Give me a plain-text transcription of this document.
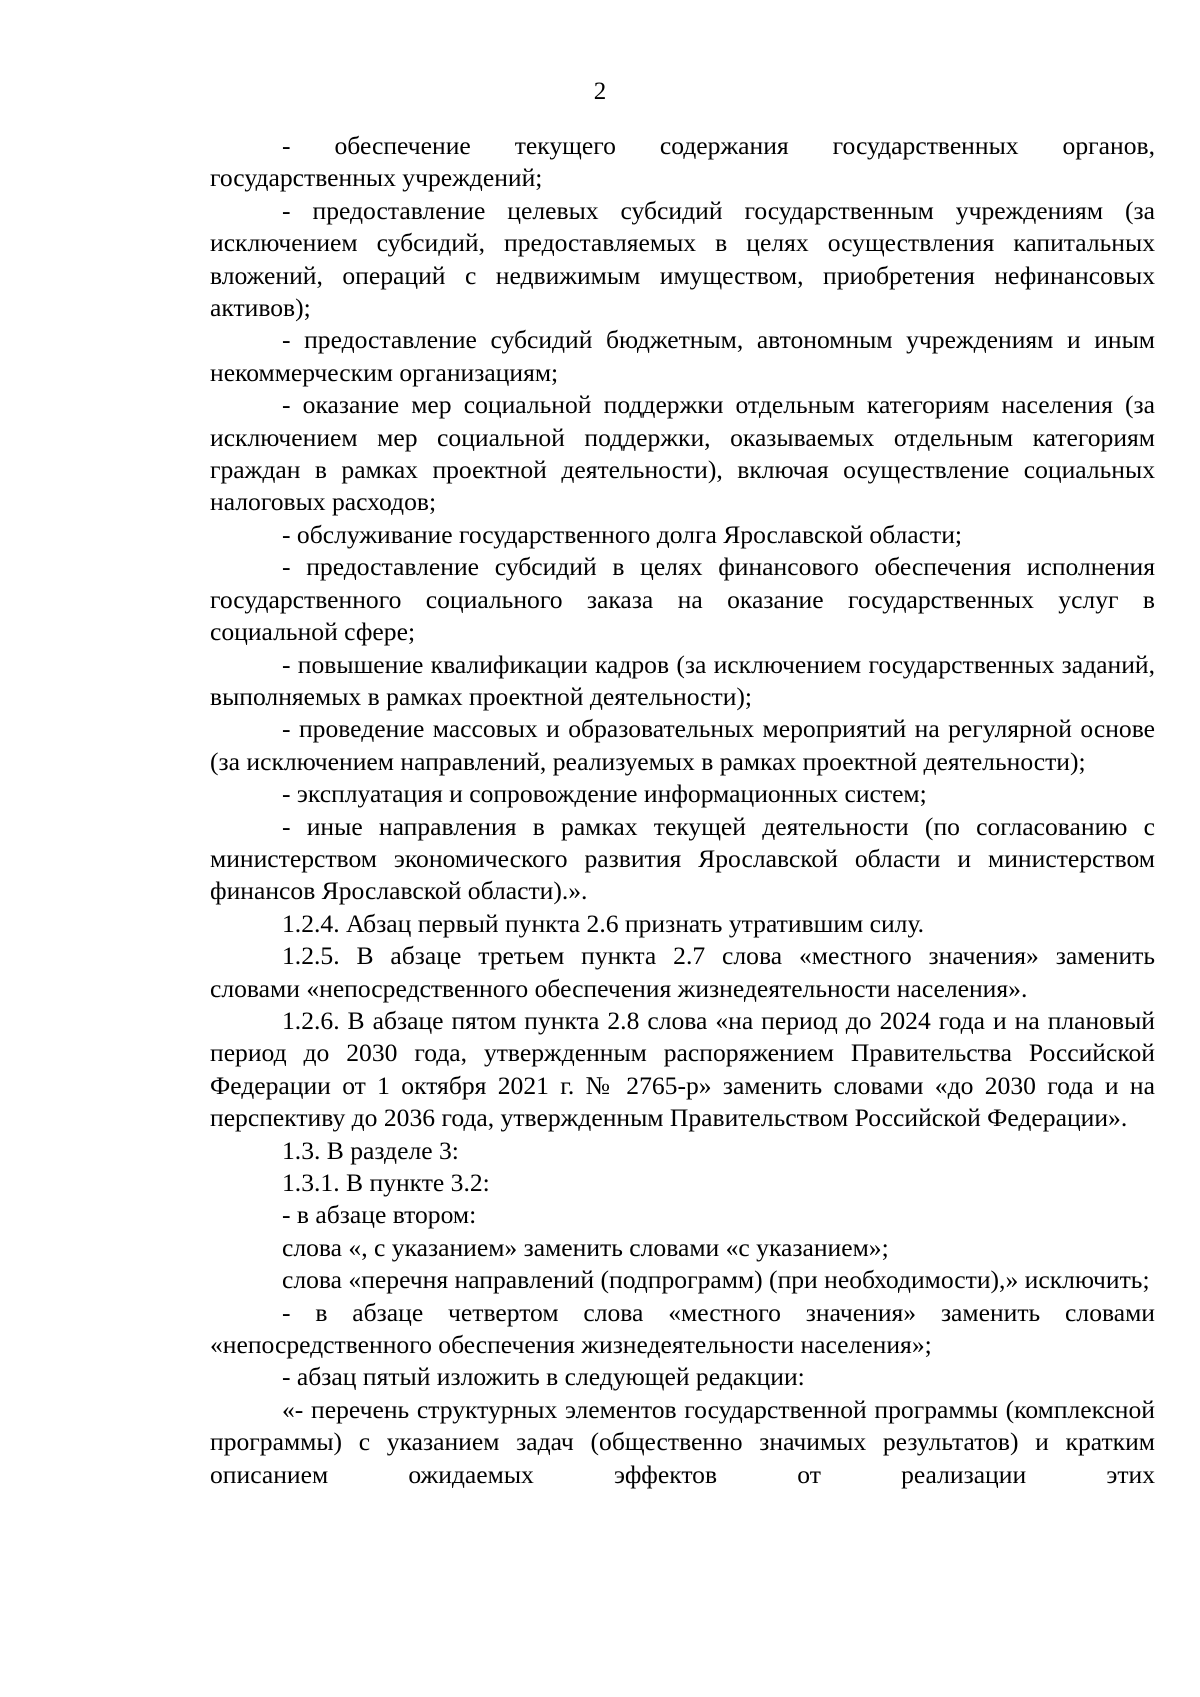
2

- обеспечение текущего содержания государственных органов, государственных учреждений;

- предоставление целевых субсидий государственным учреждениям (за исключением субсидий, предоставляемых в целях осуществления капитальных вложений, операций с недвижимым имуществом, приобретения нефинансовых активов);

- предоставление субсидий бюджетным, автономным учреждениям и иным некоммерческим организациям;

- оказание мер социальной поддержки отдельным категориям населения (за исключением мер социальной поддержки, оказываемых отдельным категориям граждан в рамках проектной деятельности), включая осуществление социальных налоговых расходов;

- обслуживание государственного долга Ярославской области;

- предоставление субсидий в целях финансового обеспечения исполнения государственного социального заказа на оказание государственных услуг в социальной сфере;

- повышение квалификации кадров (за исключением государственных заданий, выполняемых в рамках проектной деятельности);

- проведение массовых и образовательных мероприятий на регулярной основе (за исключением направлений, реализуемых в рамках проектной деятельности);

- эксплуатация и сопровождение информационных систем;

- иные направления в рамках текущей деятельности (по согласованию с министерством экономического развития Ярославской области и министерством финансов Ярославской области).».

1.2.4. Абзац первый пункта 2.6 признать утратившим силу.

1.2.5. В абзаце третьем пункта 2.7 слова «местного значения» заменить словами «непосредственного обеспечения жизнедеятельности населения».

1.2.6. В абзаце пятом пункта 2.8 слова «на период до 2024 года и на плановый период до 2030 года, утвержденным распоряжением Правительства Российской Федерации от 1 октября 2021 г. № 2765-р» заменить словами «до 2030 года и на перспективу до 2036 года, утвержденным Правительством Российской Федерации».

1.3. В разделе 3:

1.3.1. В пункте 3.2:

- в абзаце втором:

слова «, с указанием» заменить словами «с указанием»;

слова «перечня направлений (подпрограмм) (при необходимости),» исключить;

- в абзаце четвертом слова «местного значения» заменить словами «непосредственного обеспечения жизнедеятельности населения»;

- абзац пятый изложить в следующей редакции:

«- перечень структурных элементов государственной программы (комплексной программы) с указанием задач (общественно значимых результатов) и кратким описанием ожидаемых эффектов от реализации этих
